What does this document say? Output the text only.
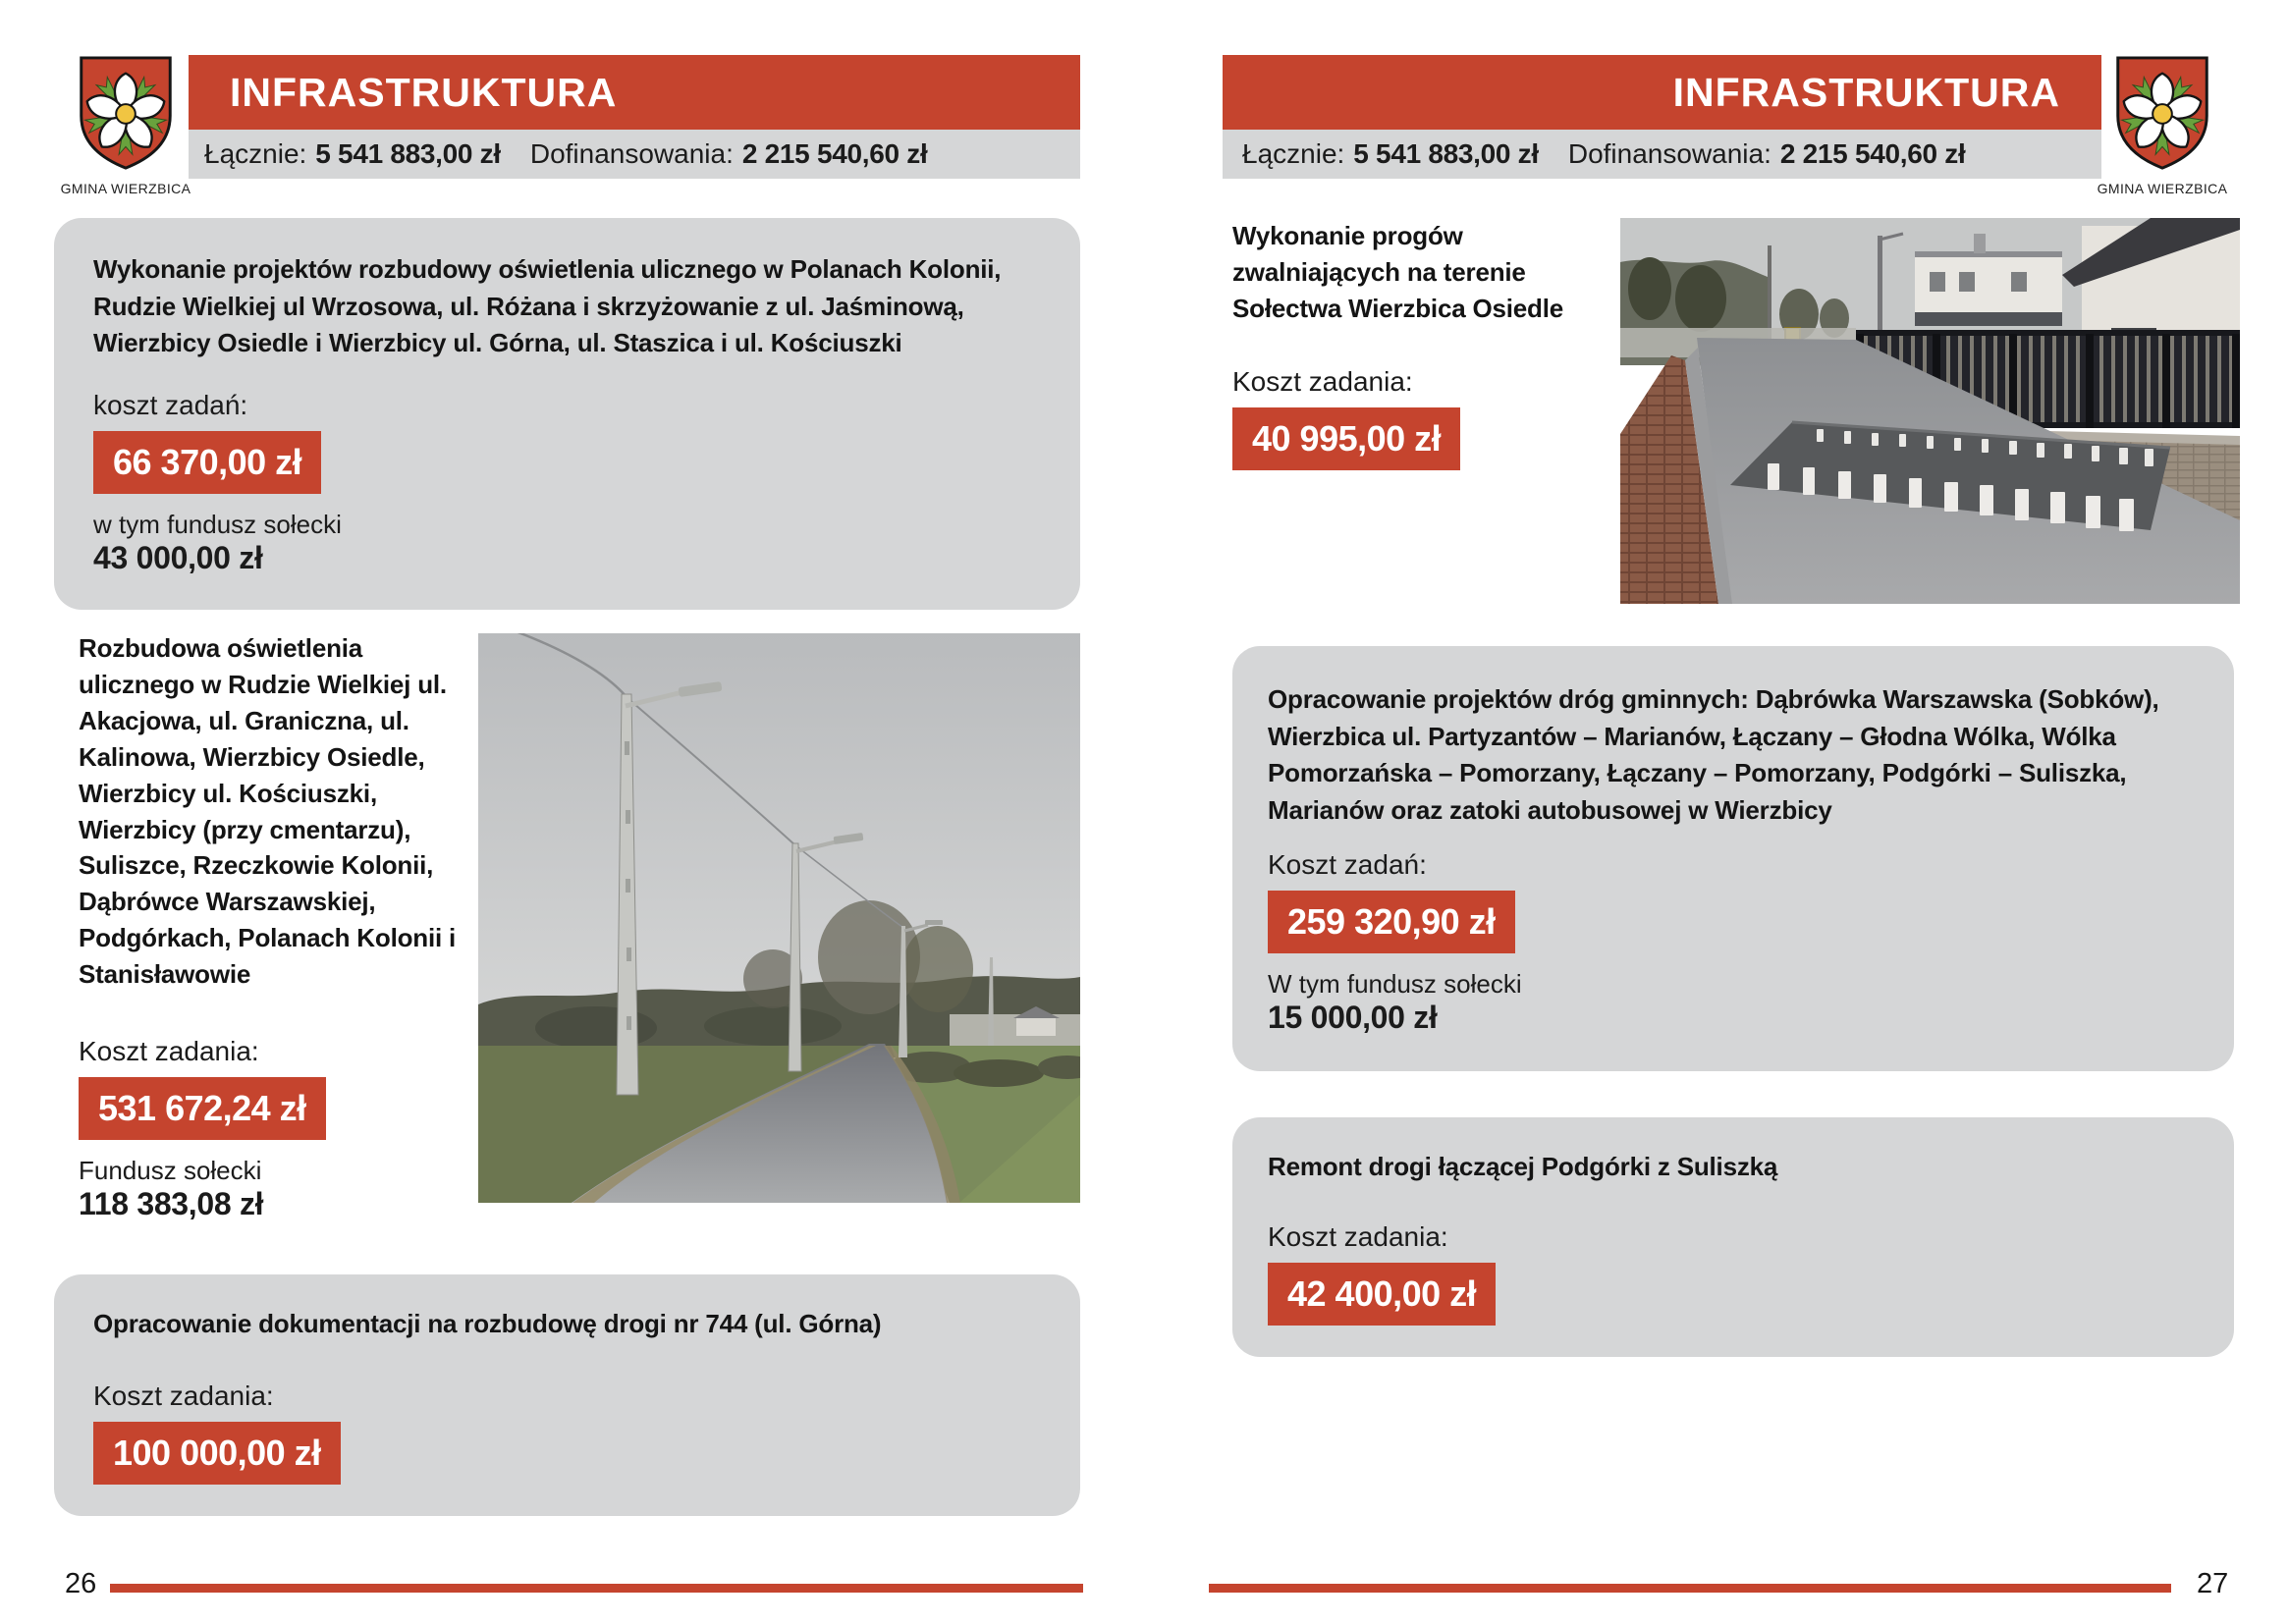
GMINA WIERZBICA
INFRASTRUKTURA
Łącznie: 5 541 883,00 zł Dofinansowania: 2 215 540,60 zł
Wykonanie projektów rozbudowy oświetlenia ulicznego w Polanach Kolonii, Rudzie Wielkiej ul Wrzosowa, ul. Różana i skrzyżowanie z ul. Jaśminową, Wierzbicy Osiedle i Wierzbicy ul. Górna, ul. Staszica i ul. Kościuszki
koszt zadań:
66 370,00 zł
w tym fundusz sołecki
43 000,00 zł
Rozbudowa oświetlenia ulicznego w Rudzie Wielkiej ul. Akacjowa, ul. Graniczna, ul. Kalinowa, Wierzbicy Osiedle, Wierzbicy ul. Kościuszki, Wierzbicy (przy cmentarzu), Suliszce, Rzeczkowie Kolonii, Dąbrówce Warszawskiej, Podgórkach, Polanach Kolonii i Stanisławowie
Koszt zadania:
531 672,24 zł
Fundusz sołecki
118 383,08 zł
Opracowanie dokumentacji na rozbudowę drogi nr 744 (ul. Górna)
Koszt zadania:
100 000,00 zł
26
INFRASTRUKTURA
Łącznie: 5 541 883,00 zł Dofinansowania: 2 215 540,60 zł
GMINA WIERZBICA
Wykonanie progów zwalniających na terenie Sołectwa Wierzbica Osiedle
Koszt zadania:
40 995,00 zł
Opracowanie projektów dróg gminnych: Dąbrówka Warszawska (Sobków), Wierzbica ul. Partyzantów – Marianów, Łączany – Głodna Wólka, Wólka Pomorzańska – Pomorzany, Łączany – Pomorzany, Podgórki – Suliszka, Marianów oraz zatoki autobusowej w Wierzbicy
Koszt zadań:
259 320,90 zł
W tym fundusz sołecki
15 000,00 zł
Remont drogi łączącej Podgórki z Suliszką
Koszt zadania:
42 400,00 zł
27
